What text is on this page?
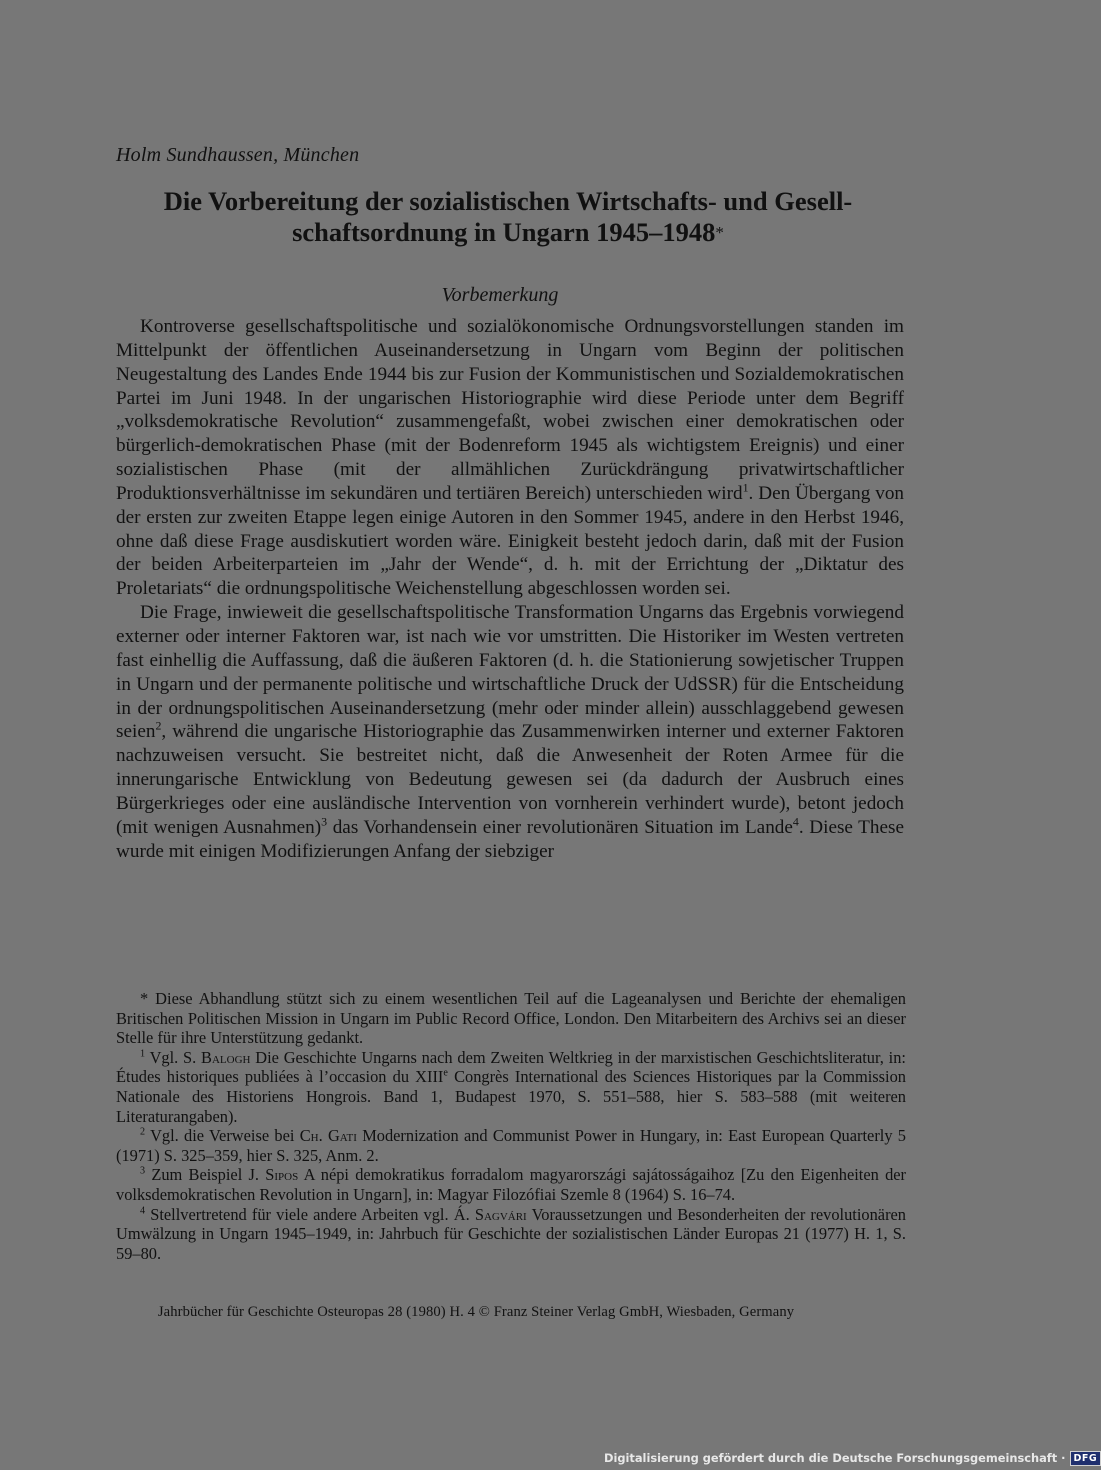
Holm Sundhaussen, München
Die Vorbereitung der sozialistischen Wirtschafts- und Gesell-
schaftsordnung in Ungarn 1945–1948*
Vorbemerkung

Kontroverse gesellschaftspolitische und sozialökonomische Ordnungsvorstellungen standen im Mittelpunkt der öffentlichen Auseinandersetzung in Ungarn vom Beginn der politischen Neugestaltung des Landes Ende 1944 bis zur Fusion der Kommunistischen und Sozialdemokratischen Partei im Juni 1948. In der ungarischen Historiographie wird diese Periode unter dem Begriff „volksdemokratische Revolution“ zusammengefaßt, wobei zwischen einer demokratischen oder bürgerlich-demokratischen Phase (mit der Bodenreform 1945 als wichtigstem Ereignis) und einer sozialistischen Phase (mit der allmählichen Zurückdrängung privatwirtschaftlicher Produktionsverhältnisse im sekundären und tertiären Bereich) unterschieden wird$^1$. Den Übergang von der ersten zur zweiten Etappe legen einige Autoren in den Sommer 1945, andere in den Herbst 1946, ohne daß diese Frage ausdiskutiert worden wäre. Einigkeit besteht jedoch darin, daß mit der Fusion der beiden Arbeiterparteien im „Jahr der Wende“, d. h. mit der Errichtung der „Diktatur des Proletariats“ die ordnungspolitische Weichenstellung abgeschlossen worden sei.

Die Frage, inwieweit die gesellschaftspolitische Transformation Ungarns das Ergebnis vorwiegend externer oder interner Faktoren war, ist nach wie vor umstritten. Die Historiker im Westen vertreten fast einhellig die Auffassung, daß die äußeren Faktoren (d. h. die Stationierung sowjetischer Truppen in Ungarn und der permanente politische und wirtschaftliche Druck der UdSSR) für die Entscheidung in der ordnungspolitischen Auseinandersetzung (mehr oder minder allein) ausschlaggebend gewesen seien$^2$, während die ungarische Historiographie das Zusammenwirken interner und externer Faktoren nachzuweisen versucht. Sie bestreitet nicht, daß die Anwesenheit der Roten Armee für die innerungarische Entwicklung von Bedeutung gewesen sei (da dadurch der Ausbruch eines Bürgerkrieges oder eine ausländische Intervention von vornherein verhindert wurde), betont jedoch (mit wenigen Ausnahmen)$^3$ das Vorhandensein einer revolutionären Situation im Lande$^4$. Diese These wurde mit einigen Modifizierungen Anfang der siebziger

* Diese Abhandlung stützt sich zu einem wesentlichen Teil auf die Lageanalysen und Berichte der ehemaligen Britischen Politischen Mission in Ungarn im Public Record Office, London. Den Mitarbeitern des Archivs sei an dieser Stelle für ihre Unterstützung gedankt.

$^1$ Vgl. S. Balogh Die Geschichte Ungarns nach dem Zweiten Weltkrieg in der marxistischen Geschichtsliteratur, in: Études historiques publiées à l’occasion du XIIIe Congrès International des Sciences Historiques par la Commission Nationale des Historiens Hongrois. Band 1, Budapest 1970, S. 551–588, hier S. 583–588 (mit weiteren Literaturangaben).

$^2$ Vgl. die Verweise bei Ch. Gati Modernization and Communist Power in Hungary, in: East European Quarterly 5 (1971) S. 325–359, hier S. 325, Anm. 2.

$^3$ Zum Beispiel J. Sipos A népi demokratikus forradalom magyarországi sajátosságaihoz [Zu den Eigenheiten der volksdemokratischen Revolution in Ungarn], in: Magyar Filozófiai Szemle 8 (1964) S. 16–74.

$^4$ Stellvertretend für viele andere Arbeiten vgl. Á. Sagvári Voraussetzungen und Besonderheiten der revolutionären Umwälzung in Ungarn 1945–1949, in: Jahrbuch für Geschichte der sozialistischen Länder Europas 21 (1977) H. 1, S. 59–80.

Jahrbücher für Geschichte Osteuropas 28 (1980) H. 4 © Franz Steiner Verlag GmbH, Wiesbaden, Germany
Digitalisierung gefördert durch die Deutsche Forschungsgemeinschaft · DFG
